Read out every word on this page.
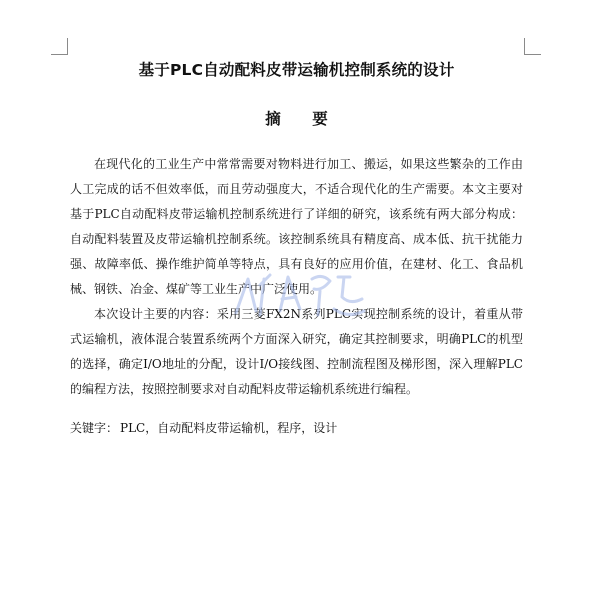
基于PLC自动配料皮带运输机控制系统的设计
摘 要

在现代化的工业生产中常常需要对物料进行加工、搬运，如果这些繁杂的工作由人工完成的话不但效率低，而且劳动强度大，不适合现代化的生产需要。本文主要对基于PLC自动配料皮带运输机控制系统进行了详细的研究，该系统有两大部分构成：自动配料装置及皮带运输机控制系统。该控制系统具有精度高、成本低、抗干扰能力强、故障率低、操作维护简单等特点，具有良好的应用价值，在建材、化工、食品机械、钢铁、冶金、煤矿等工业生产中广泛使用。

本次设计主要的内容：采用三菱FX2N系列PLC实现控制系统的设计，着重从带式运输机，液体混合装置系统两个方面深入研究，确定其控制要求，明确PLC的机型的选择，确定I/O地址的分配，设计I/O接线图、控制流程图及梯形图，深入理解PLC的编程方法，按照控制要求对自动配料皮带运输机系统进行编程。

关键字： PLC，自动配料皮带运输机，程序，设计
